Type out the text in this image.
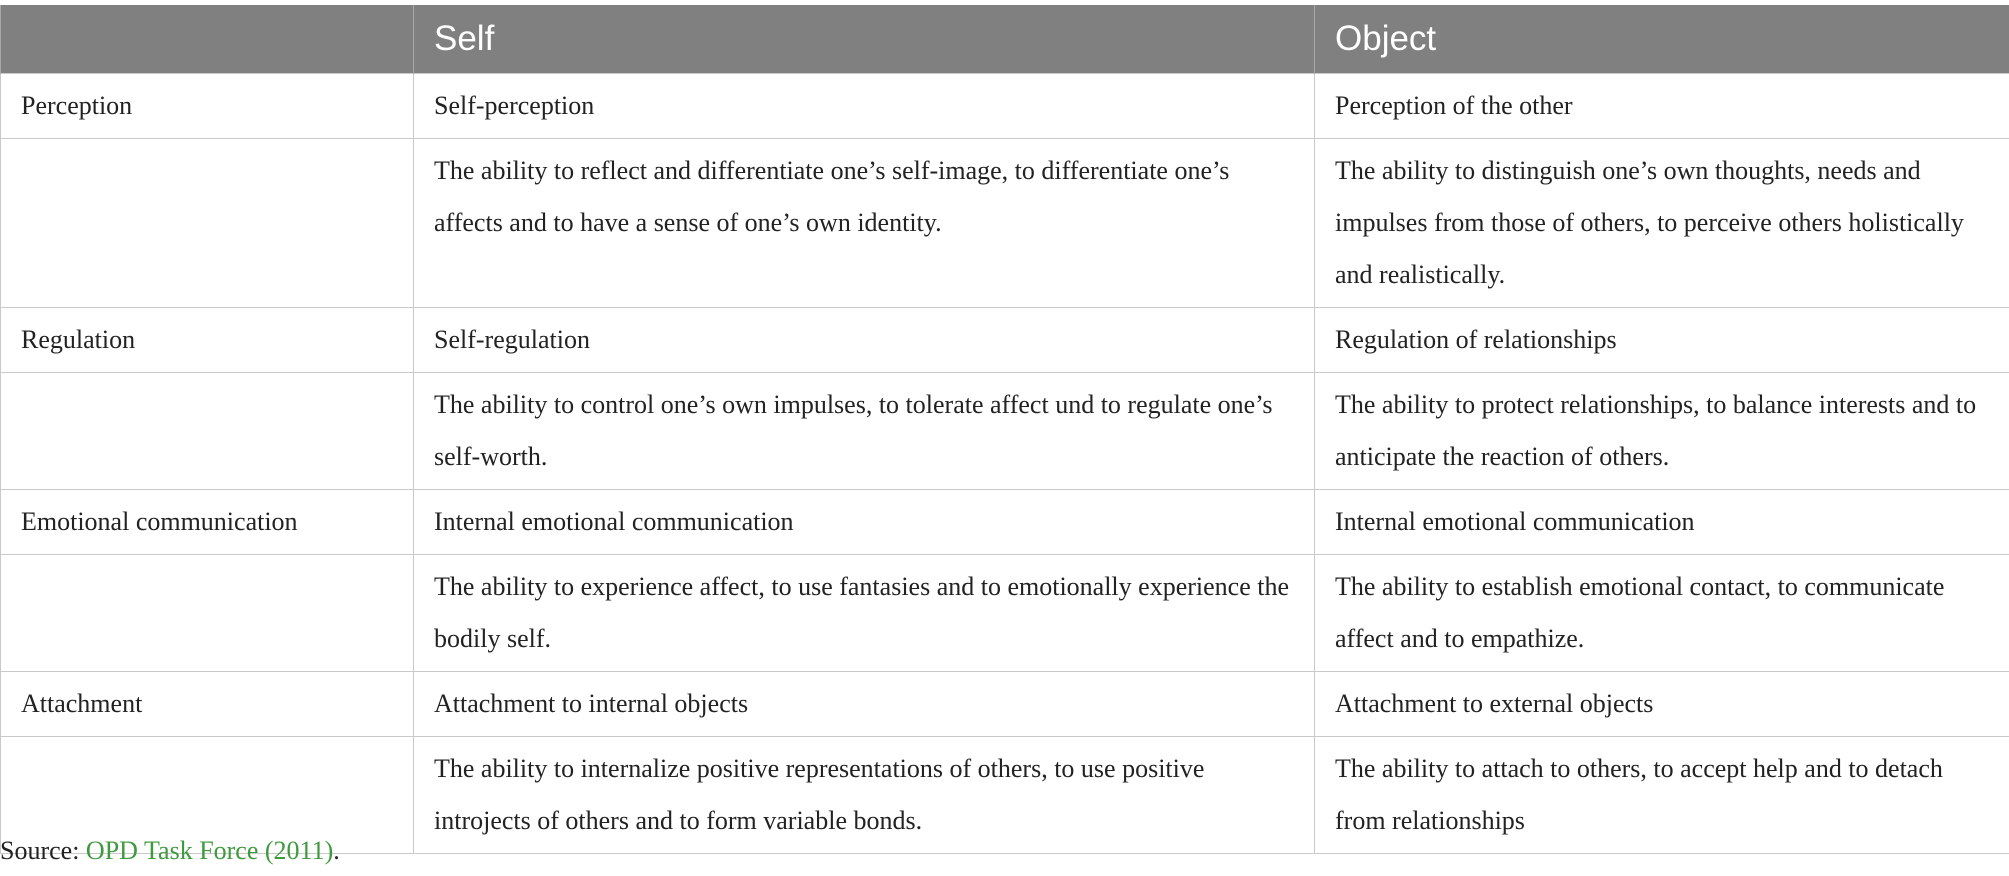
	Self	Object
Perception	Self-perception	Perception of the other
	The ability to reflect and differentiate one’s self-image, to differentiate one’s affects and to have a sense of one’s own identity.	The ability to distinguish one’s own thoughts, needs and impulses from those of others, to perceive others holistically and realistically.
Regulation	Self-regulation	Regulation of relationships
	The ability to control one’s own impulses, to tolerate affect und to regulate one’s self-worth.	The ability to protect relationships, to balance interests and to anticipate the reaction of others.
Emotional communication	Internal emotional communication	Internal emotional communication
	The ability to experience affect, to use fantasies and to emotionally experience the bodily self.	The ability to establish emotional contact, to communicate affect and to empathize.
Attachment	Attachment to internal objects	Attachment to external objects
	The ability to internalize positive representations of others, to use positive introjects of others and to form variable bonds.	The ability to attach to others, to accept help and to detach from relationships
Source: OPD Task Force (2011).
